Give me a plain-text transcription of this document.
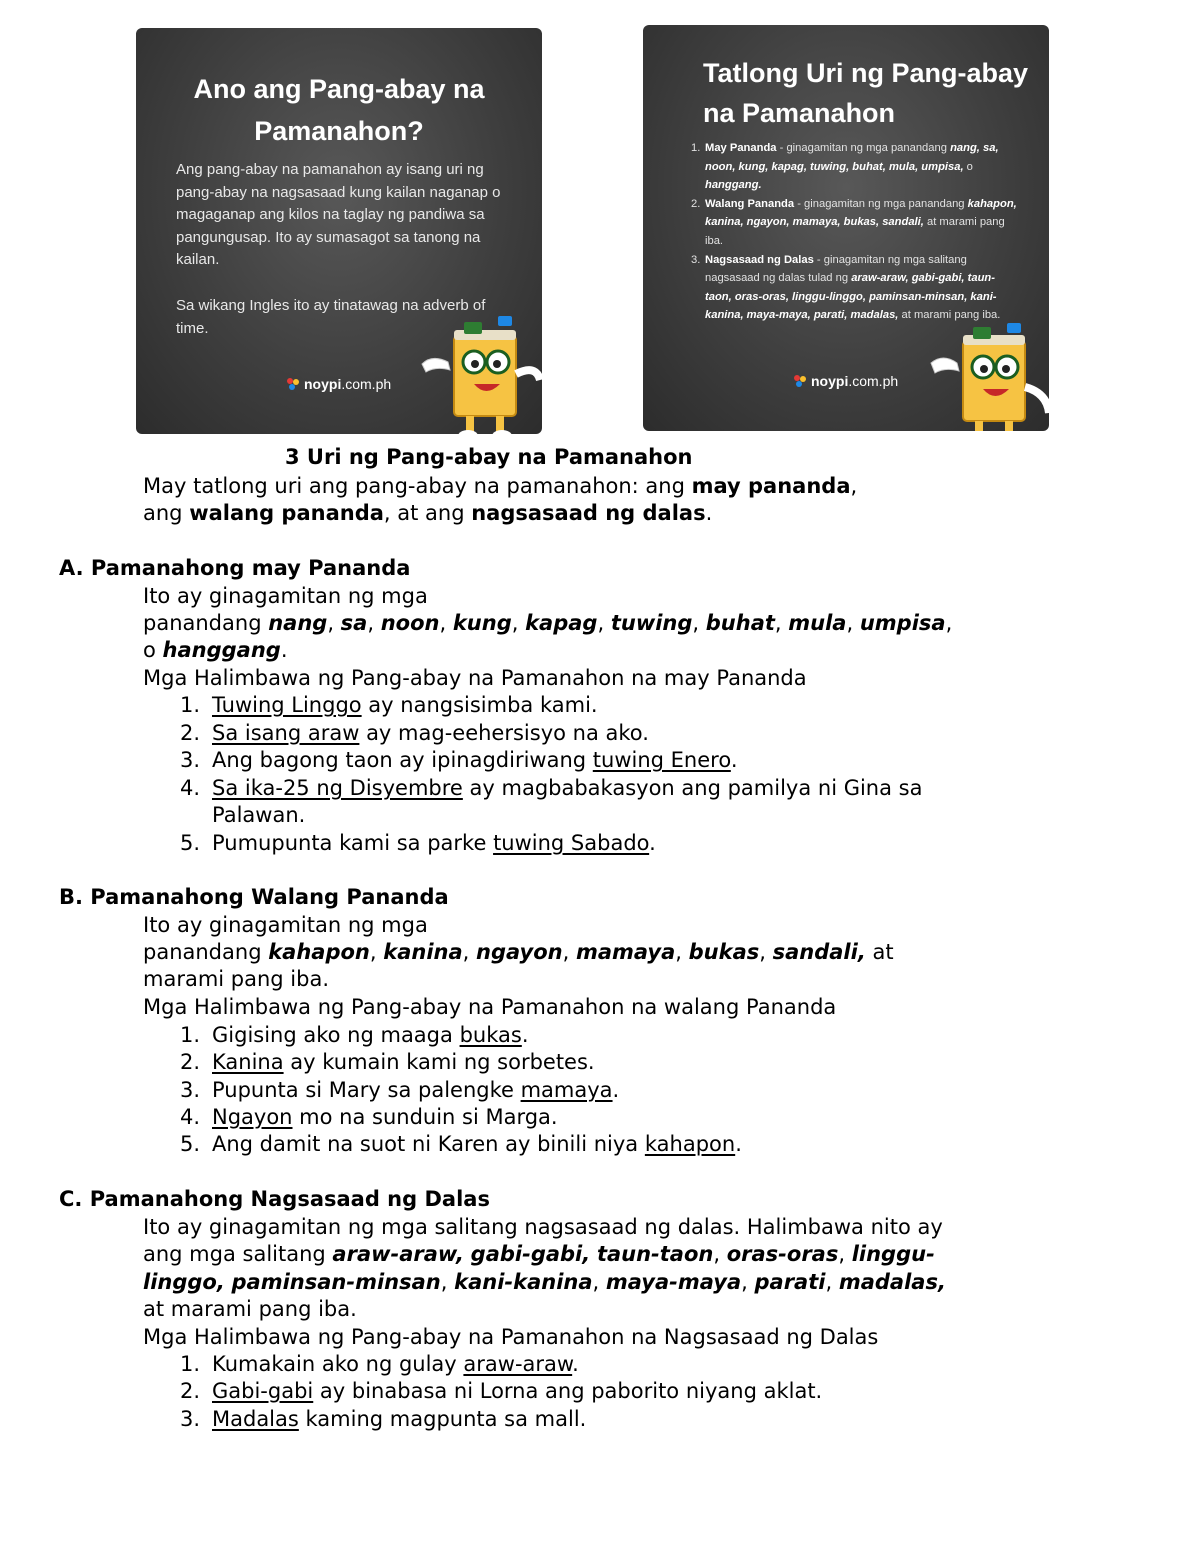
Ano ang Pang-abay na Pamanahon?
Ang pang-abay na pamanahon ay isang uri ng pang-abay na nagsasaad kung kailan naganap o magaganap ang kilos na taglay ng pandiwa sa pangungusap. Ito ay sumasagot sa tanong na kailan.
Sa wikang Ingles ito ay tinatawag na adverb of time.
noypi.com.ph
Tatlong Uri ng Pang-abay na Pamanahon
1. May Pananda - ginagamitan ng mga panandang nang, sa, noon, kung, kapag, tuwing, buhat, mula, umpisa, o hanggang.
2. Walang Pananda - ginagamitan ng mga panandang kahapon, kanina, ngayon, mamaya, bukas, sandali, at marami pang iba.
3. Nagsasaad ng Dalas - ginagamitan ng mga salitang nagsasaad ng dalas tulad ng araw-araw, gabi-gabi, taun-taon, oras-oras, linggu-linggo, paminsan-minsan, kani-kanina, maya-maya, parati, madalas, at marami pang iba.
noypi.com.ph
3 Uri ng Pang-abay na Pamanahon
May tatlong uri ang pang-abay na pamanahon: ang may pananda,
ang walang pananda, at ang nagsasaad ng dalas.
A. Pamanahong may Pananda
Ito ay ginagamitan ng mga
panandang nang, sa, noon, kung, kapag, tuwing, buhat, mula, umpisa,
o hanggang.
Mga Halimbawa ng Pang-abay na Pamanahon na may Pananda
1. Tuwing Linggo ay nangsisimba kami.
2. Sa isang araw ay mag-eehersisyo na ako.
3. Ang bagong taon ay ipinagdiriwang tuwing Enero.
4. Sa ika-25 ng Disyembre ay magbabakasyon ang pamilya ni Gina sa
Palawan.
5. Pumupunta kami sa parke tuwing Sabado.
B. Pamanahong Walang Pananda
Ito ay ginagamitan ng mga
panandang kahapon, kanina, ngayon, mamaya, bukas, sandali, at
marami pang iba.
Mga Halimbawa ng Pang-abay na Pamanahon na walang Pananda
1. Gigising ako ng maaga bukas.
2. Kanina ay kumain kami ng sorbetes.
3. Pupunta si Mary sa palengke mamaya.
4. Ngayon mo na sunduin si Marga.
5. Ang damit na suot ni Karen ay binili niya kahapon.
C. Pamanahong Nagsasaad ng Dalas
Ito ay ginagamitan ng mga salitang nagsasaad ng dalas. Halimbawa nito ay
ang mga salitang araw-araw, gabi-gabi, taun-taon, oras-oras, linggu-
linggo, paminsan-minsan, kani-kanina, maya-maya, parati, madalas,
at marami pang iba.
Mga Halimbawa ng Pang-abay na Pamanahon na Nagsasaad ng Dalas
1. Kumakain ako ng gulay araw-araw.
2. Gabi-gabi ay binabasa ni Lorna ang paborito niyang aklat.
3. Madalas kaming magpunta sa mall.
